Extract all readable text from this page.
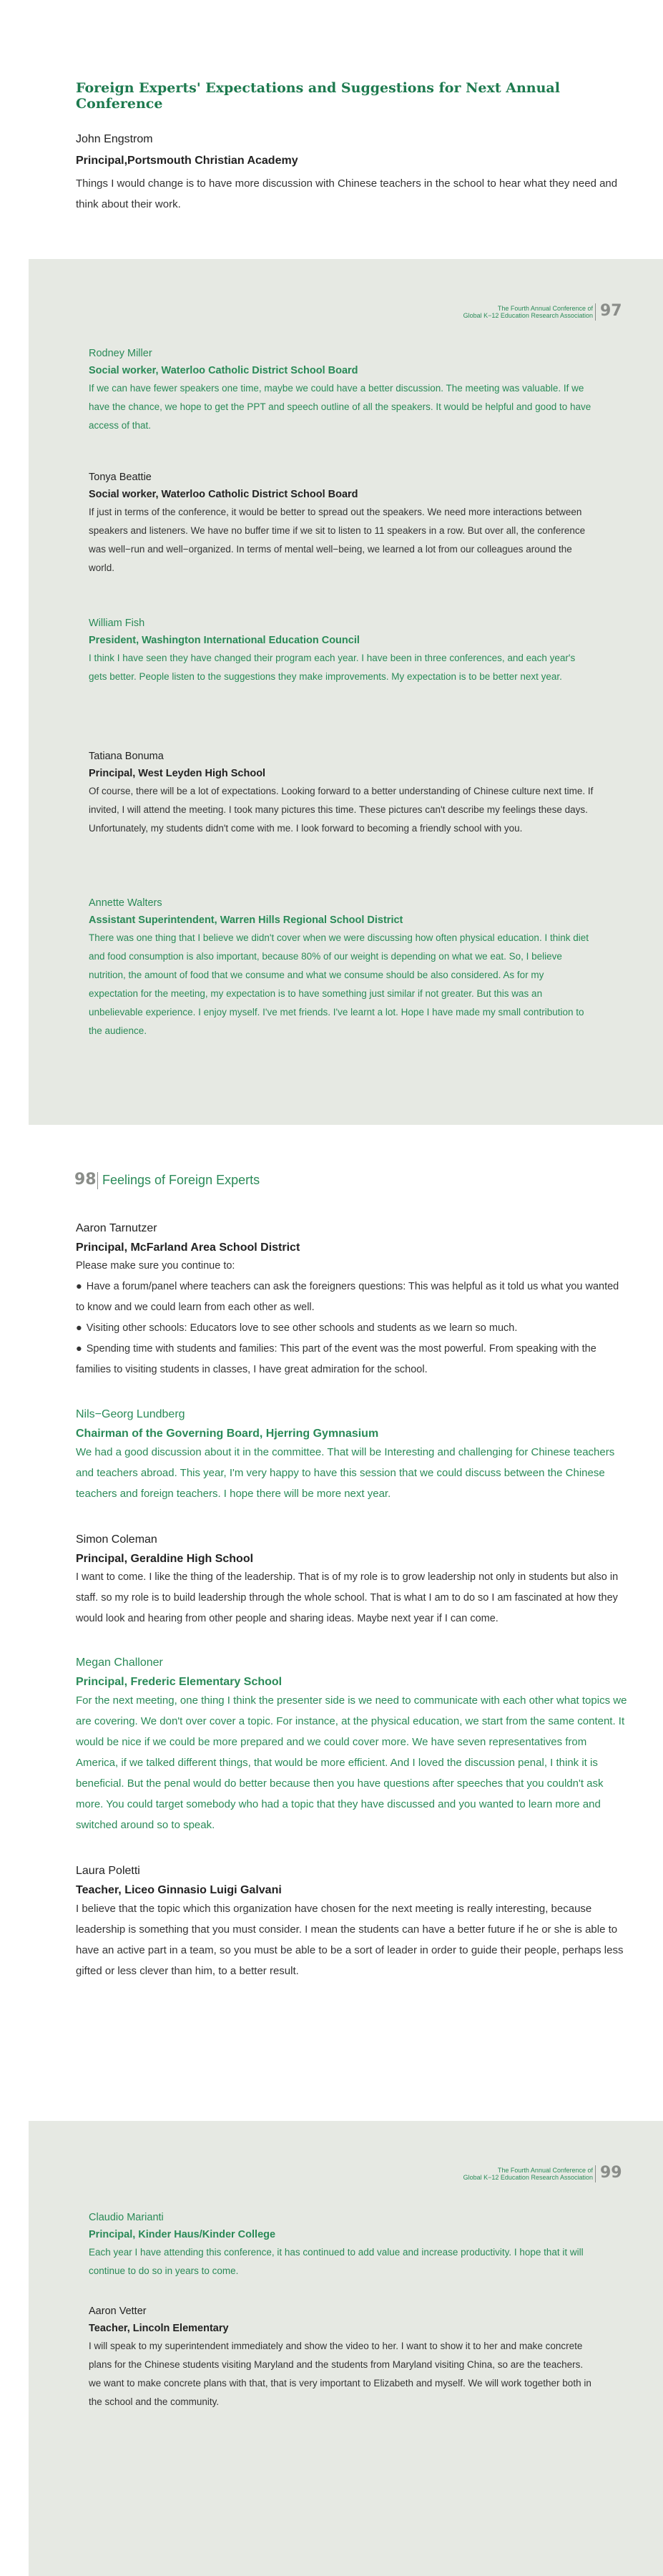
Foreign Experts' Expectations and Suggestions for Next Annual Conference

John Engstrom

Principal,Portsmouth Christian Academy

Things I would change is to have more discussion with Chinese teachers in the school to hear what they need and think about their work.

The Fourth Annual Conference of
Global K−12 Education Research Association 97

Rodney Miller

Social worker, Waterloo Catholic District School Board

If we can have fewer speakers one time, maybe we could have a better discussion. The meeting was valuable. If we have the chance, we hope to get the PPT and speech outline of all the speakers. It would be helpful and good to have access of that.

Tonya Beattie

Social worker, Waterloo Catholic District School Board

If just in terms of the conference, it would be better to spread out the speakers. We need more interactions between speakers and listeners. We have no buffer time if we sit to listen to 11 speakers in a row. But over all, the conference was well−run and well−organized. In terms of mental well−being, we learned a lot from our colleagues around the world.

William Fish

President, Washington International Education Council

I think I have seen they have changed their program each year. I have been in three conferences, and each year's gets better. People listen to the suggestions they make improvements. My expectation is to be better next year.

Tatiana Bonuma

Principal, West Leyden High School

Of course, there will be a lot of expectations. Looking forward to a better understanding of Chinese culture next time. If invited, I will attend the meeting. I took many pictures this time. These pictures can't describe my feelings these days. Unfortunately, my students didn't come with me. I look forward to becoming a friendly school with you.

Annette Walters

Assistant Superintendent, Warren Hills Regional School District

There was one thing that I believe we didn't cover when we were discussing how often physical education. I think diet and food consumption is also important, because 80% of our weight is depending on what we eat. So, I believe nutrition, the amount of food that we consume and what we consume should be also considered. As for my expectation for the meeting, my expectation is to have something just similar if not greater. But this was an unbelievable experience. I enjoy myself. I've met friends. I've learnt a lot. Hope I have made my small contribution to the audience.

98 Feelings of Foreign Experts

Aaron Tarnutzer

Principal, McFarland Area School District

Please make sure you continue to:

● Have a forum/panel where teachers can ask the foreigners questions: This was helpful as it told us what you wanted to know and we could learn from each other as well.
● Visiting other schools: Educators love to see other schools and students as we learn so much.
● Spending time with students and families: This part of the event was the most powerful. From speaking with the families to visiting students in classes, I have great admiration for the school.

Nils−Georg Lundberg

Chairman of the Governing Board, Hjerring Gymnasium

We had a good discussion about it in the committee. That will be Interesting and challenging for Chinese teachers and teachers abroad. This year, I'm very happy to have this session that we could discuss between the Chinese teachers and foreign teachers. I hope there will be more next year.

Simon Coleman

Principal, Geraldine High School

I want to come. I like the thing of the leadership. That is of my role is to grow leadership not only in students but also in staff. so my role is to build leadership through the whole school. That is what I am to do so I am fascinated at how they would look and hearing from other people and sharing ideas. Maybe next year if I can come.

Megan Challoner

Principal, Frederic Elementary School

For the next meeting, one thing I think the presenter side is we need to communicate with each other what topics we are covering. We don't over cover a topic. For instance, at the physical education, we start from the same content. It would be nice if we could be more prepared and we could cover more. We have seven representatives from America, if we talked different things, that would be more efficient. And I loved the discussion penal, I think it is beneficial. But the penal would do better because then you have questions after speeches that you couldn't ask more. You could target somebody who had a topic that they have discussed and you wanted to learn more and switched around so to speak.

Laura Poletti

Teacher, Liceo Ginnasio Luigi Galvani

I believe that the topic which this organization have chosen for the next meeting is really interesting, because leadership is something that you must consider. I mean the students can have a better future if he or she is able to have an active part in a team, so you must be able to be a sort of leader in order to guide their people, perhaps less gifted or less clever than him, to a better result.

The Fourth Annual Conference of
Global K−12 Education Research Association 99

Claudio Marianti

Principal, Kinder Haus/Kinder College

Each year I have attending this conference, it has continued to add value and increase productivity. I hope that it will continue to do so in years to come.

Aaron Vetter

Teacher, Lincoln Elementary

I will speak to my superintendent immediately and show the video to her. I want to show it to her and make concrete plans for the Chinese students visiting Maryland and the students from Maryland visiting China, so are the teachers. we want to make concrete plans with that, that is very important to Elizabeth and myself. We will work together both in the school and the community.
